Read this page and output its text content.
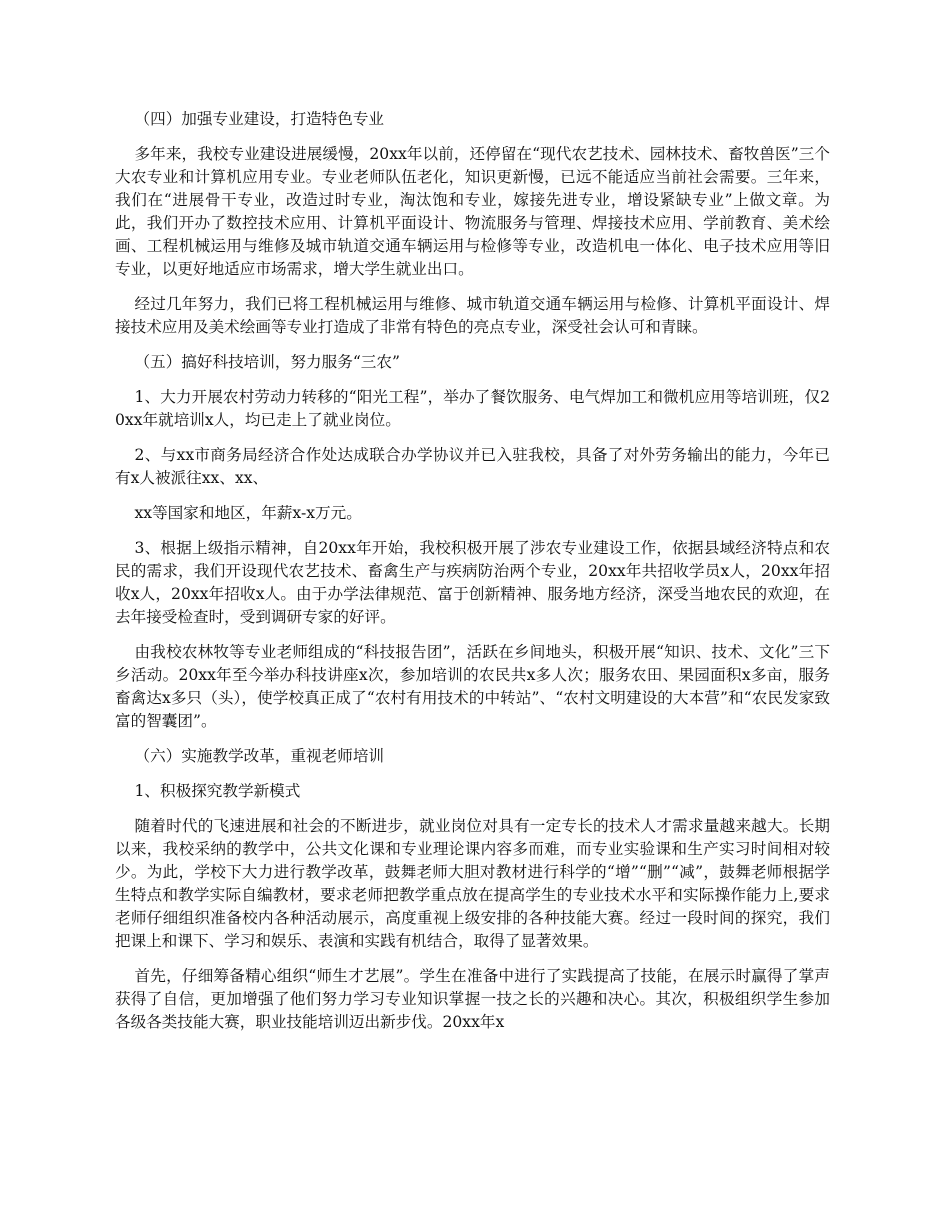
（四）加强专业建设，打造特色专业

多年来，我校专业建设进展缓慢，20xx年以前，还停留在“现代农艺技术、园林技术、畜牧兽医”三个大农专业和计算机应用专业。专业老师队伍老化，知识更新慢，已远不能适应当前社会需要。三年来，我们在“进展骨干专业，改造过时专业，淘汰饱和专业，嫁接先进专业，增设紧缺专业”上做文章。为此，我们开办了数控技术应用、计算机平面设计、物流服务与管理、焊接技术应用、学前教育、美术绘画、工程机械运用与维修及城市轨道交通车辆运用与检修等专业，改造机电一体化、电子技术应用等旧专业，以更好地适应市场需求，增大学生就业出口。

经过几年努力，我们已将工程机械运用与维修、城市轨道交通车辆运用与检修、计算机平面设计、焊接技术应用及美术绘画等专业打造成了非常有特色的亮点专业，深受社会认可和青睐。

（五）搞好科技培训，努力服务“三农”

1、大力开展农村劳动力转移的“阳光工程”，举办了餐饮服务、电气焊加工和微机应用等培训班，仅20xx年就培训x人，均已走上了就业岗位。

2、与xx市商务局经济合作处达成联合办学协议并已入驻我校，具备了对外劳务输出的能力，今年已有x人被派往xx、xx、

xx等国家和地区，年薪x-x万元。

3、根据上级指示精神，自20xx年开始，我校积极开展了涉农专业建设工作，依据县域经济特点和农民的需求，我们开设现代农艺技术、畜禽生产与疾病防治两个专业，20xx年共招收学员x人，20xx年招收x人，20xx年招收x人。由于办学法律规范、富于创新精神、服务地方经济，深受当地农民的欢迎，在去年接受检查时，受到调研专家的好评。

由我校农林牧等专业老师组成的“科技报告团”，活跃在乡间地头，积极开展“知识、技术、文化”三下乡活动。20xx年至今举办科技讲座x次，参加培训的农民共x多人次；服务农田、果园面积x多亩，服务畜禽达x多只（头），使学校真正成了“农村有用技术的中转站”、“农村文明建设的大本营”和“农民发家致富的智囊团”。

（六）实施教学改革，重视老师培训

1、积极探究教学新模式

随着时代的飞速进展和社会的不断进步，就业岗位对具有一定专长的技术人才需求量越来越大。长期以来，我校采纳的教学中，公共文化课和专业理论课内容多而难，而专业实验课和生产实习时间相对较少。为此，学校下大力进行教学改革，鼓舞老师大胆对教材进行科学的“增”“删”“减”，鼓舞老师根据学生特点和教学实际自编教材，要求老师把教学重点放在提高学生的专业技术水平和实际操作能力上,要求老师仔细组织准备校内各种活动展示，高度重视上级安排的各种技能大赛。经过一段时间的探究，我们把课上和课下、学习和娱乐、表演和实践有机结合，取得了显著效果。

首先，仔细筹备精心组织“师生才艺展”。学生在准备中进行了实践提高了技能，在展示时赢得了掌声获得了自信，更加增强了他们努力学习专业知识掌握一技之长的兴趣和决心。其次，积极组织学生参加各级各类技能大赛，职业技能培训迈出新步伐。20xx年x
